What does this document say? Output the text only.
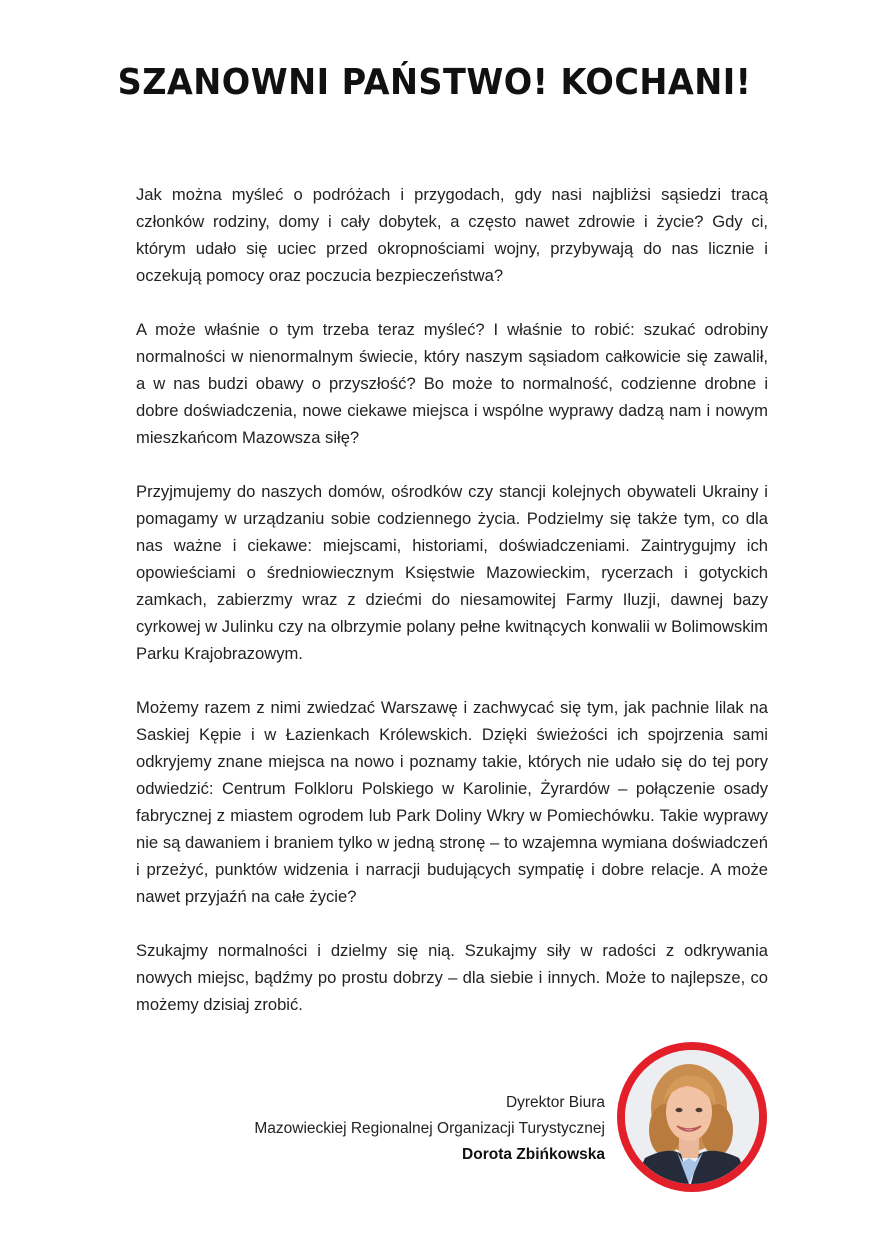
SZANOWNI PAŃSTWO! KOCHANI!

Jak można myśleć o podróżach i przygodach, gdy nasi najbliżsi sąsiedzi tracą członków rodziny, domy i cały dobytek, a często nawet zdrowie i życie? Gdy ci, którym udało się uciec przed okropnościami wojny, przybywają do nas licznie i oczekują pomocy oraz poczucia bezpieczeństwa?

A może właśnie o tym trzeba teraz myśleć? I właśnie to robić: szukać odrobiny normalności w nienormalnym świecie, który naszym sąsiadom całkowicie się zawalił, a w nas budzi obawy o przyszłość? Bo może to normalność, codzienne drobne i dobre doświadczenia, nowe ciekawe miejsca i wspólne wyprawy dadzą nam i nowym mieszkańcom Mazowsza siłę?

Przyjmujemy do naszych domów, ośrodków czy stancji kolejnych obywateli Ukrainy i pomagamy w urządzaniu sobie codziennego życia. Podzielmy się także tym, co dla nas ważne i ciekawe: miejscami, historiami, doświadczeniami. Zaintrygujmy ich opowieściami o średniowiecznym Księstwie Mazowieckim, rycerzach i gotyckich zamkach, zabierzmy wraz z dziećmi do niesamowitej Farmy Iluzji, dawnej bazy cyrkowej w Julinku czy na olbrzymie polany pełne kwitnących konwalii w Bolimowskim Parku Krajobrazowym.

Możemy razem z nimi zwiedzać Warszawę i zachwycać się tym, jak pachnie lilak na Saskiej Kępie i w Łazienkach Królewskich. Dzięki świeżości ich spojrzenia sami odkryjemy znane miejsca na nowo i poznamy takie, których nie udało się do tej pory odwiedzić: Centrum Folkloru Polskiego w Karolinie, Żyrardów – połączenie osady fabrycznej z miastem ogrodem lub Park Doliny Wkry w Pomiechówku. Takie wyprawy nie są dawaniem i braniem tylko w jedną stronę – to wzajemna wymiana doświadczeń i przeżyć, punktów widzenia i narracji budujących sympatię i dobre relacje. A może nawet przyjaźń na całe życie?

Szukajmy normalności i dzielmy się nią. Szukajmy siły w radości z odkrywania nowych miejsc, bądźmy po prostu dobrzy – dla siebie i innych. Może to najlepsze, co możemy dzisiaj zrobić.

Dyrektor Biura
Mazowieckiej Regionalnej Organizacji Turystycznej
Dorota Zbińkowska
